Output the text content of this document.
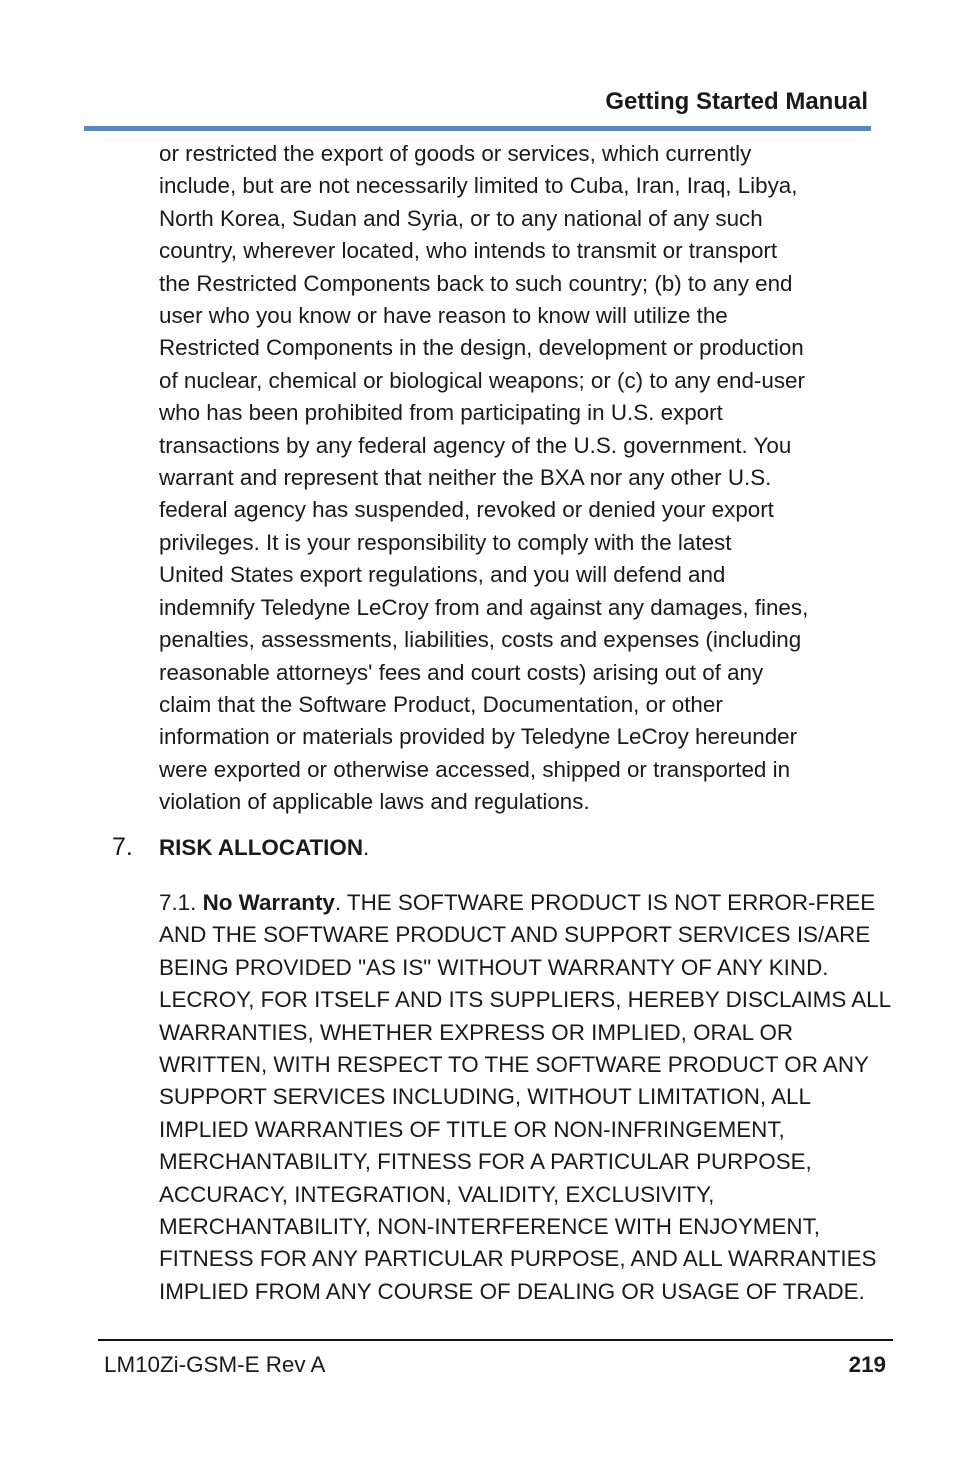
Getting Started Manual
or restricted the export of goods or services, which currently
include, but are not necessarily limited to Cuba, Iran, Iraq, Libya,
North Korea, Sudan and Syria, or to any national of any such
country, wherever located, who intends to transmit or transport
the Restricted Components back to such country; (b) to any end
user who you know or have reason to know will utilize the
Restricted Components in the design, development or production
of nuclear, chemical or biological weapons; or (c) to any end-user
who has been prohibited from participating in U.S. export
transactions by any federal agency of the U.S. government. You
warrant and represent that neither the BXA nor any other U.S.
federal agency has suspended, revoked or denied your export
privileges. It is your responsibility to comply with the latest
United States export regulations, and you will defend and
indemnify Teledyne LeCroy from and against any damages, fines,
penalties, assessments, liabilities, costs and expenses (including
reasonable attorneys' fees and court costs) arising out of any
claim that the Software Product, Documentation, or other
information or materials provided by Teledyne LeCroy hereunder
were exported or otherwise accessed, shipped or transported in
violation of applicable laws and regulations.
7. RISK ALLOCATION.
7.1. No Warranty. THE SOFTWARE PRODUCT IS NOT ERROR-FREE
AND THE SOFTWARE PRODUCT AND SUPPORT SERVICES IS/ARE
BEING PROVIDED "AS IS" WITHOUT WARRANTY OF ANY KIND.
LECROY, FOR ITSELF AND ITS SUPPLIERS, HEREBY DISCLAIMS ALL
WARRANTIES, WHETHER EXPRESS OR IMPLIED, ORAL OR
WRITTEN, WITH RESPECT TO THE SOFTWARE PRODUCT OR ANY
SUPPORT SERVICES INCLUDING, WITHOUT LIMITATION, ALL
IMPLIED WARRANTIES OF TITLE OR NON-INFRINGEMENT,
MERCHANTABILITY, FITNESS FOR A PARTICULAR PURPOSE,
ACCURACY, INTEGRATION, VALIDITY, EXCLUSIVITY,
MERCHANTABILITY, NON-INTERFERENCE WITH ENJOYMENT,
FITNESS FOR ANY PARTICULAR PURPOSE, AND ALL WARRANTIES
IMPLIED FROM ANY COURSE OF DEALING OR USAGE OF TRADE.
LM10Zi-GSM-E Rev A	219
